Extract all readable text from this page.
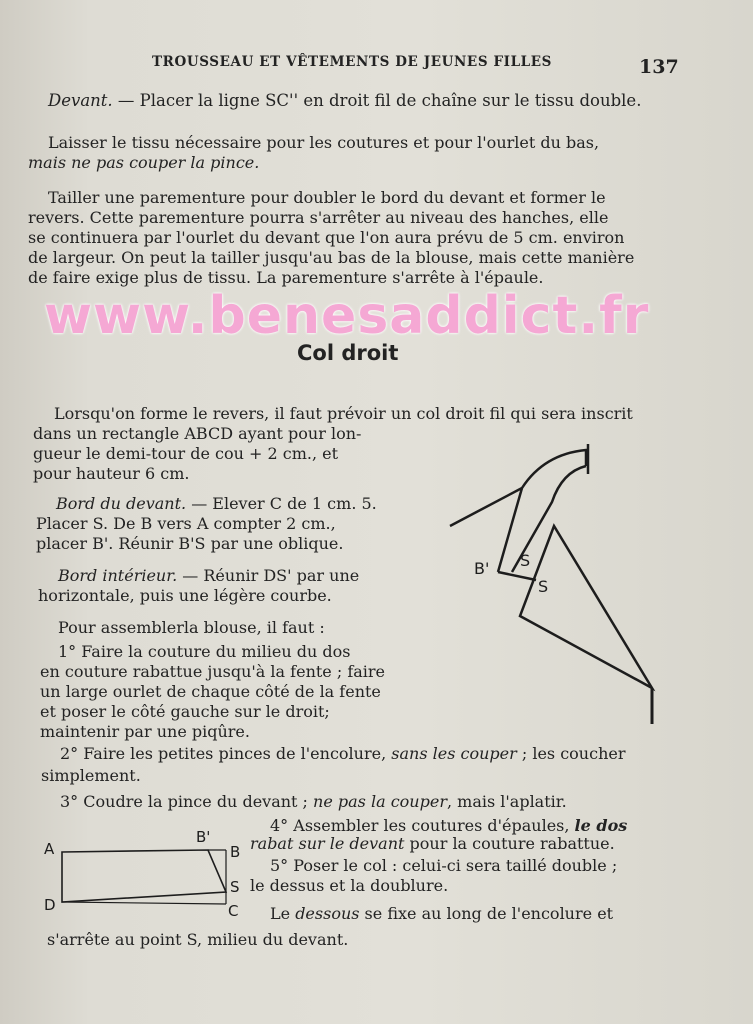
TROUSSEAU ET VÊTEMENTS DE JEUNES FILLES	137
Devant. — Placer la ligne SC'' en droit fil de chaîne sur le tissu double.
Laisser le tissu nécessaire pour les coutures et pour l'ourlet du bas,
mais ne pas couper la pince.
Tailler une parementure pour doubler le bord du devant et former le
revers. Cette parementure pourra s'arrêter au niveau des hanches, elle
se continuera par l'ourlet du devant que l'on aura prévu de 5 cm. environ
de largeur. On peut la tailler jusqu'au bas de la blouse, mais cette manière
de faire exige plus de tissu. La parementure s'arrête à l'épaule.
Col droit
Lorsqu'on forme le revers, il faut prévoir un col droit fil qui sera inscrit
dans un rectangle ABCD ayant pour lon-
gueur le demi-tour de cou + 2 cm., et
pour hauteur 6 cm.
Bord du devant. — Elever C de 1 cm. 5.
Placer S. De B vers A compter 2 cm.,
placer B'. Réunir B'S par une oblique.
Bord intérieur. — Réunir DS' par une
horizontale, puis une légère courbe.
Pour assemblerla blouse, il faut :
1° Faire la couture du milieu du dos
en couture rabattue jusqu'à la fente ; faire
un large ourlet de chaque côté de la fente
et poser le côté gauche sur le droit;
maintenir par une piqûre.
2° Faire les petites pinces de l'encolure, sans les couper ; les coucher
simplement.
3° Coudre la pince du devant ; ne pas la couper, mais l'aplatir.
4° Assembler les coutures d'épaules, le dos
rabat sur le devant pour la couture rabattue.
5° Poser le col : celui-ci sera taillé double ;
le dessus et la doublure.
Le dessous se fixe au long de l'encolure et
s'arrête au point S, milieu du devant.
B' S
S
A
B'
B
S
D	C
www.benesaddict.fr
